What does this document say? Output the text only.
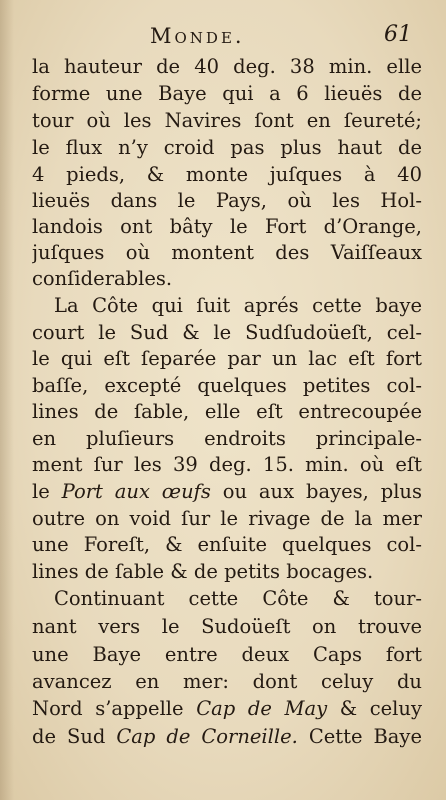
Monde.	61
la hauteur de 40 deg. 38 min. elle
forme une Baye qui a 6 lieuës de
tour où les Navires ſont en ſeureté;
le flux n’y croid pas plus haut de
4 pieds, & monte juſques à 40
lieuës dans le Pays, où les Hol-
landois ont bâty le Fort d’Orange,
juſques où montent des Vaiſſeaux
conſiderables.
La Côte qui ſuit aprés cette baye
court le Sud & le Sudſudoüeſt, cel-
le qui eſt ſeparée par un lac eſt fort
baſſe, excepté quelques petites col-
lines de ſable, elle eſt entrecoupée
en pluſieurs endroits principale-
ment ſur les 39 deg. 15. min. où eſt
le Port aux œufs ou aux bayes, plus
outre on void ſur le rivage de la mer
une Foreſt, & enſuite quelques col-
lines de ſable & de petits bocages.
Continuant cette Côte & tour-
nant vers le Sudoüeſt on trouve
une Baye entre deux Caps fort
avancez en mer: dont celuy du
Nord s’appelle Cap de May & celuy
de Sud Cap de Corneille. Cette Baye
